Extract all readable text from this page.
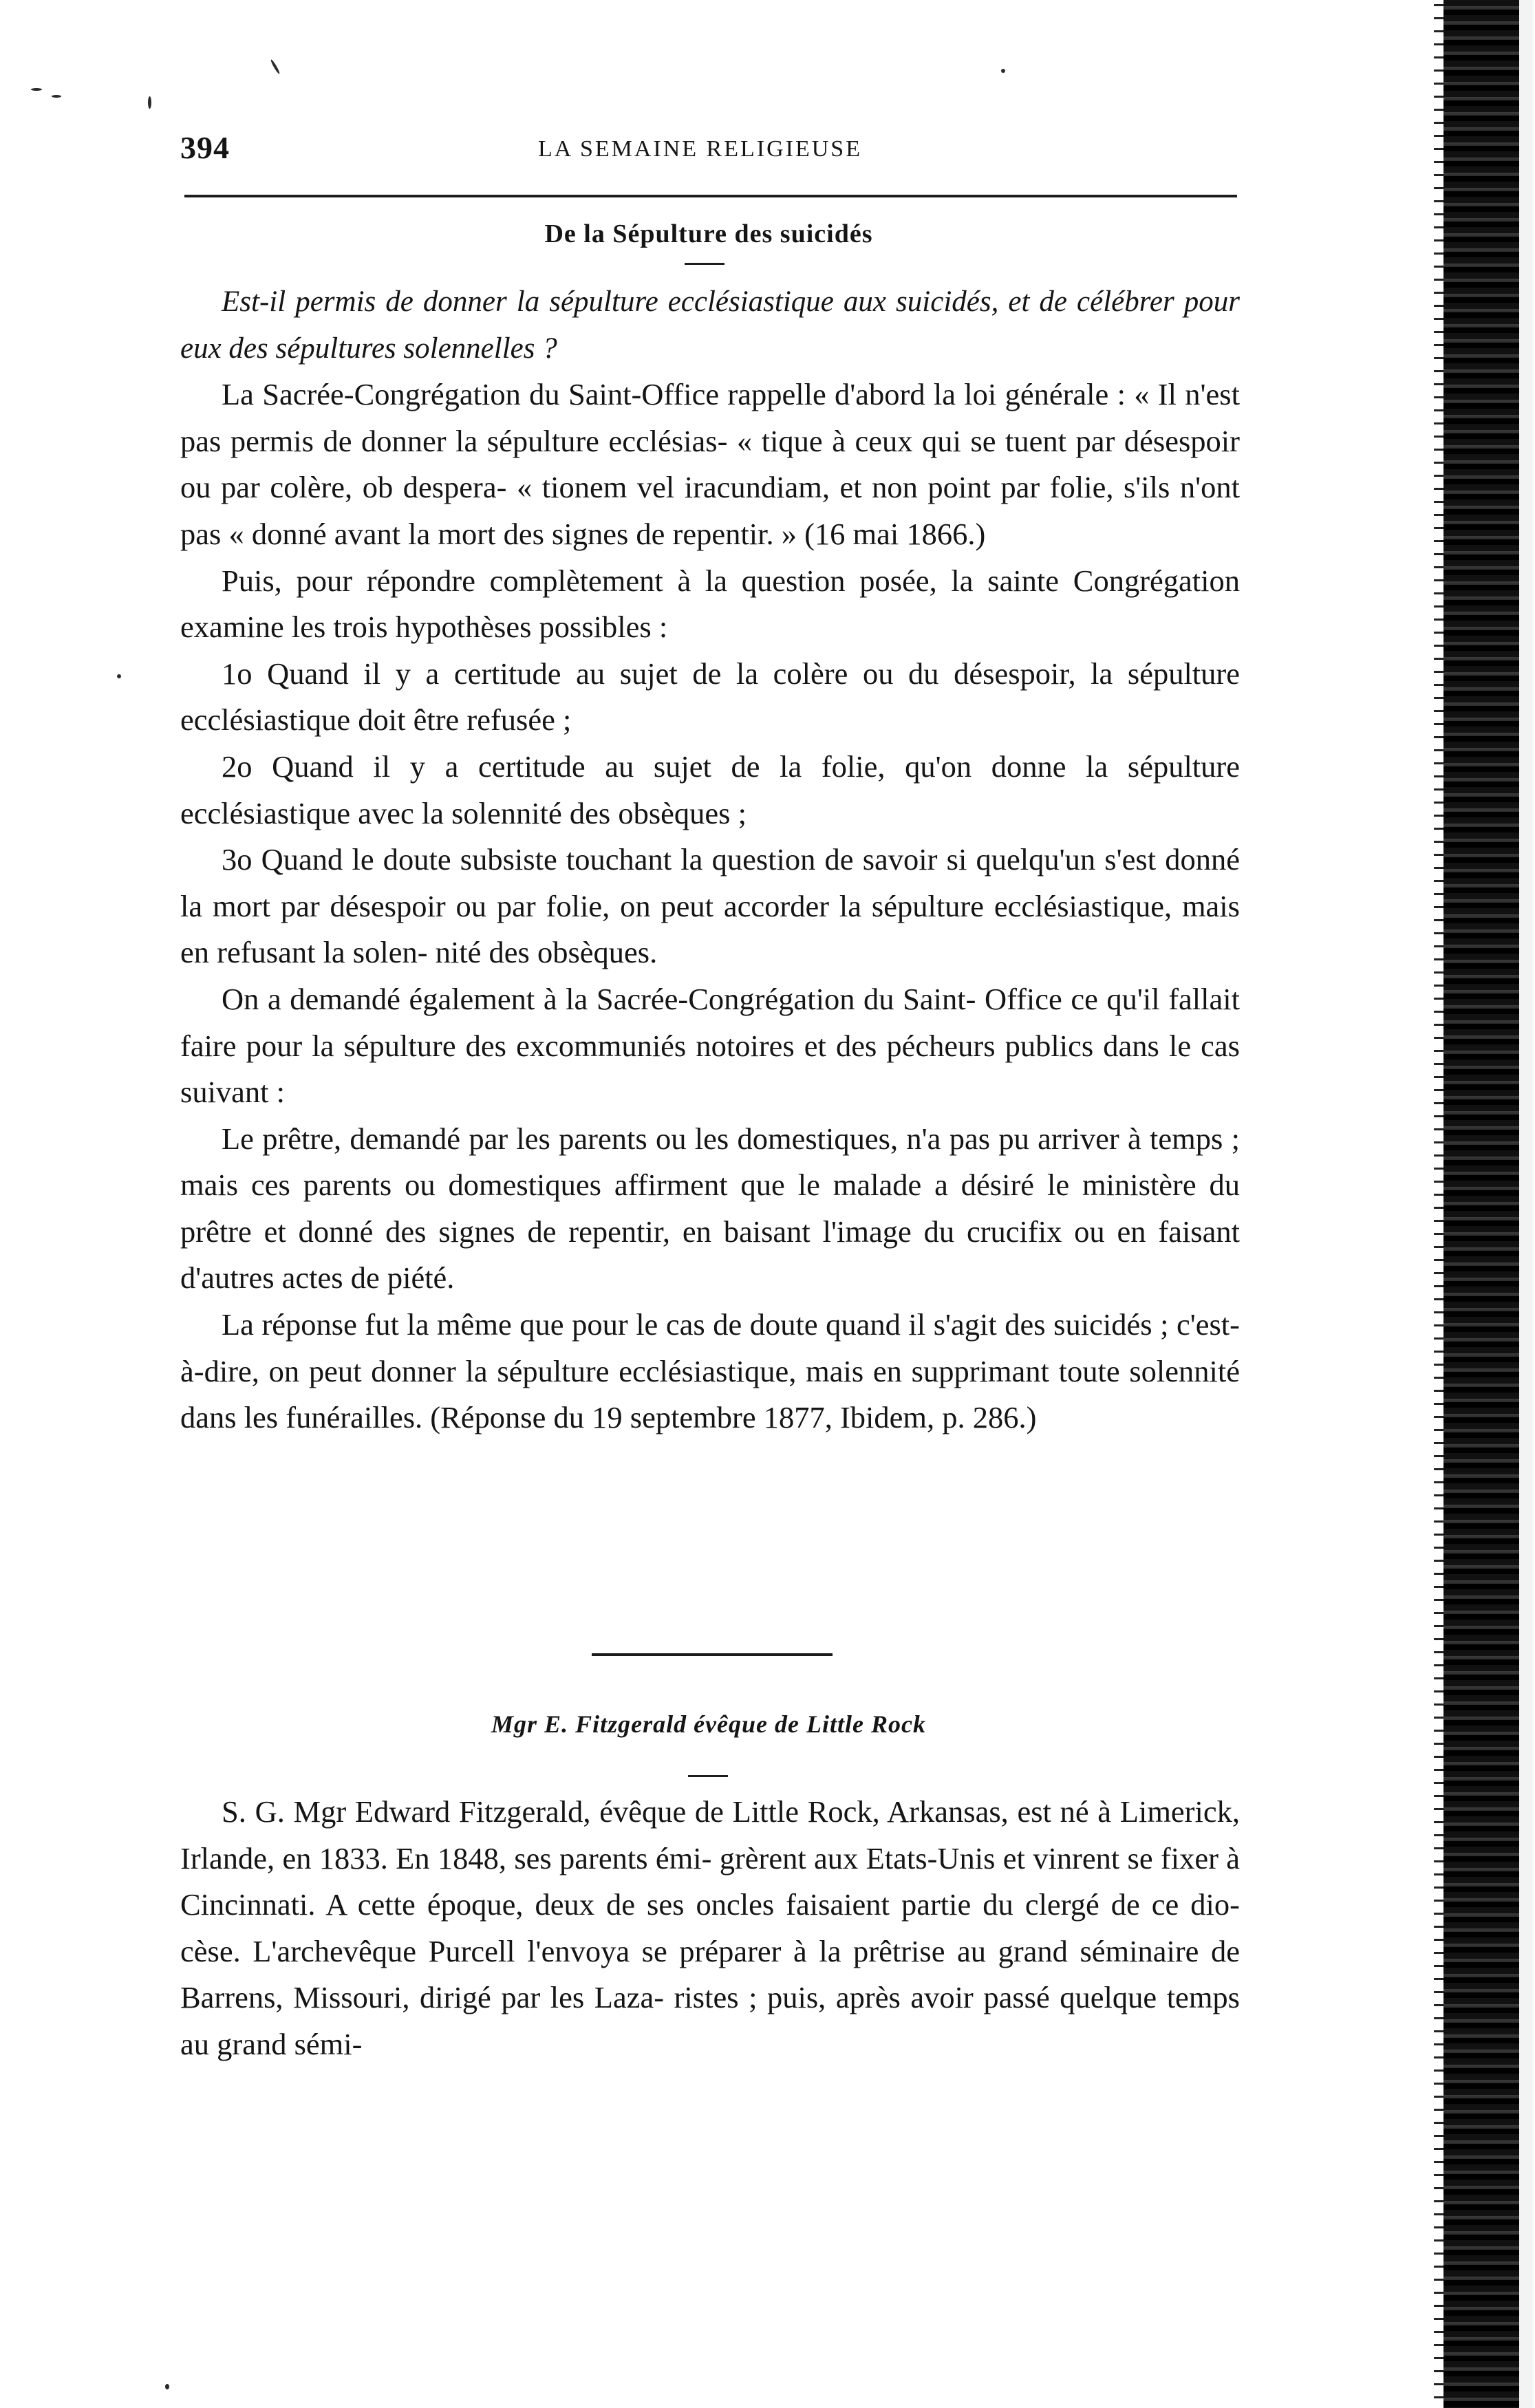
394	LA SEMAINE RELIGIEUSE
De la Sépulture des suicidés

Est-il permis de donner la sépulture ecclésiastique aux suicidés, et de célébrer pour eux des sépultures solennelles ?

La Sacrée-Congrégation du Saint-Office rappelle d'abord la loi générale : « Il n'est pas permis de donner la sépulture ecclésias- « tique à ceux qui se tuent par désespoir ou par colère, ob despera- « tionem vel iracundiam, et non point par folie, s'ils n'ont pas « donné avant la mort des signes de repentir. » (16 mai 1866.)

Puis, pour répondre complètement à la question posée, la sainte Congrégation examine les trois hypothèses possibles :

1o Quand il y a certitude au sujet de la colère ou du désespoir, la sépulture ecclésiastique doit être refusée ;

2o Quand il y a certitude au sujet de la folie, qu'on donne la sépulture ecclésiastique avec la solennité des obsèques ;

3o Quand le doute subsiste touchant la question de savoir si quelqu'un s'est donné la mort par désespoir ou par folie, on peut accorder la sépulture ecclésiastique, mais en refusant la solen- nité des obsèques.

On a demandé également à la Sacrée-Congrégation du Saint- Office ce qu'il fallait faire pour la sépulture des excommuniés notoires et des pécheurs publics dans le cas suivant :

Le prêtre, demandé par les parents ou les domestiques, n'a pas pu arriver à temps ; mais ces parents ou domestiques affirment que le malade a désiré le ministère du prêtre et donné des signes de repentir, en baisant l'image du crucifix ou en faisant d'autres actes de piété.

La réponse fut la même que pour le cas de doute quand il s'agit des suicidés ; c'est-à-dire, on peut donner la sépulture ecclésiastique, mais en supprimant toute solennité dans les funérailles. (Réponse du 19 septembre 1877, Ibidem, p. 286.)

Mgr E. Fitzgerald évêque de Little Rock

S. G. Mgr Edward Fitzgerald, évêque de Little Rock, Arkansas, est né à Limerick, Irlande, en 1833. En 1848, ses parents émi- grèrent aux Etats-Unis et vinrent se fixer à Cincinnati. A cette époque, deux de ses oncles faisaient partie du clergé de ce dio- cèse. L'archevêque Purcell l'envoya se préparer à la prêtrise au grand séminaire de Barrens, Missouri, dirigé par les Laza- ristes ; puis, après avoir passé quelque temps au grand sémi-
